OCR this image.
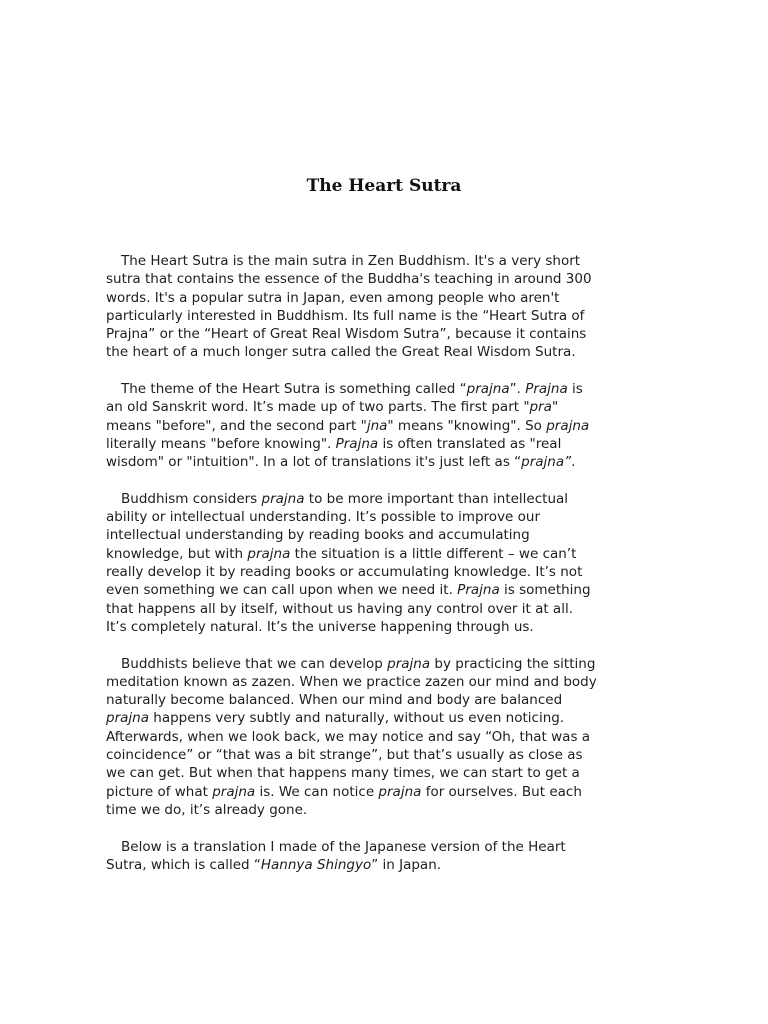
The Heart Sutra
The Heart Sutra is the main sutra in Zen Buddhism. It's a very short
sutra that contains the essence of the Buddha's teaching in around 300
words. It's a popular sutra in Japan, even among people who aren't
particularly interested in Buddhism. Its full name is the “Heart Sutra of
Prajna” or the “Heart of Great Real Wisdom Sutra”, because it contains
the heart of a much longer sutra called the Great Real Wisdom Sutra.
The theme of the Heart Sutra is something called “prajna”. Prajna is
an old Sanskrit word. It’s made up of two parts. The first part "pra"
means "before", and the second part "jna" means "knowing". So prajna
literally means "before knowing". Prajna is often translated as "real
wisdom" or "intuition". In a lot of translations it's just left as “prajna”.
Buddhism considers prajna to be more important than intellectual
ability or intellectual understanding. It’s possible to improve our
intellectual understanding by reading books and accumulating
knowledge, but with prajna the situation is a little different – we can’t
really develop it by reading books or accumulating knowledge. It’s not
even something we can call upon when we need it. Prajna is something
that happens all by itself, without us having any control over it at all.
It’s completely natural. It’s the universe happening through us.
Buddhists believe that we can develop prajna by practicing the sitting
meditation known as zazen. When we practice zazen our mind and body
naturally become balanced. When our mind and body are balanced
prajna happens very subtly and naturally, without us even noticing.
Afterwards, when we look back, we may notice and say “Oh, that was a
coincidence” or “that was a bit strange”, but that’s usually as close as
we can get. But when that happens many times, we can start to get a
picture of what prajna is. We can notice prajna for ourselves. But each
time we do, it’s already gone.
Below is a translation I made of the Japanese version of the Heart
Sutra, which is called “Hannya Shingyo” in Japan.
